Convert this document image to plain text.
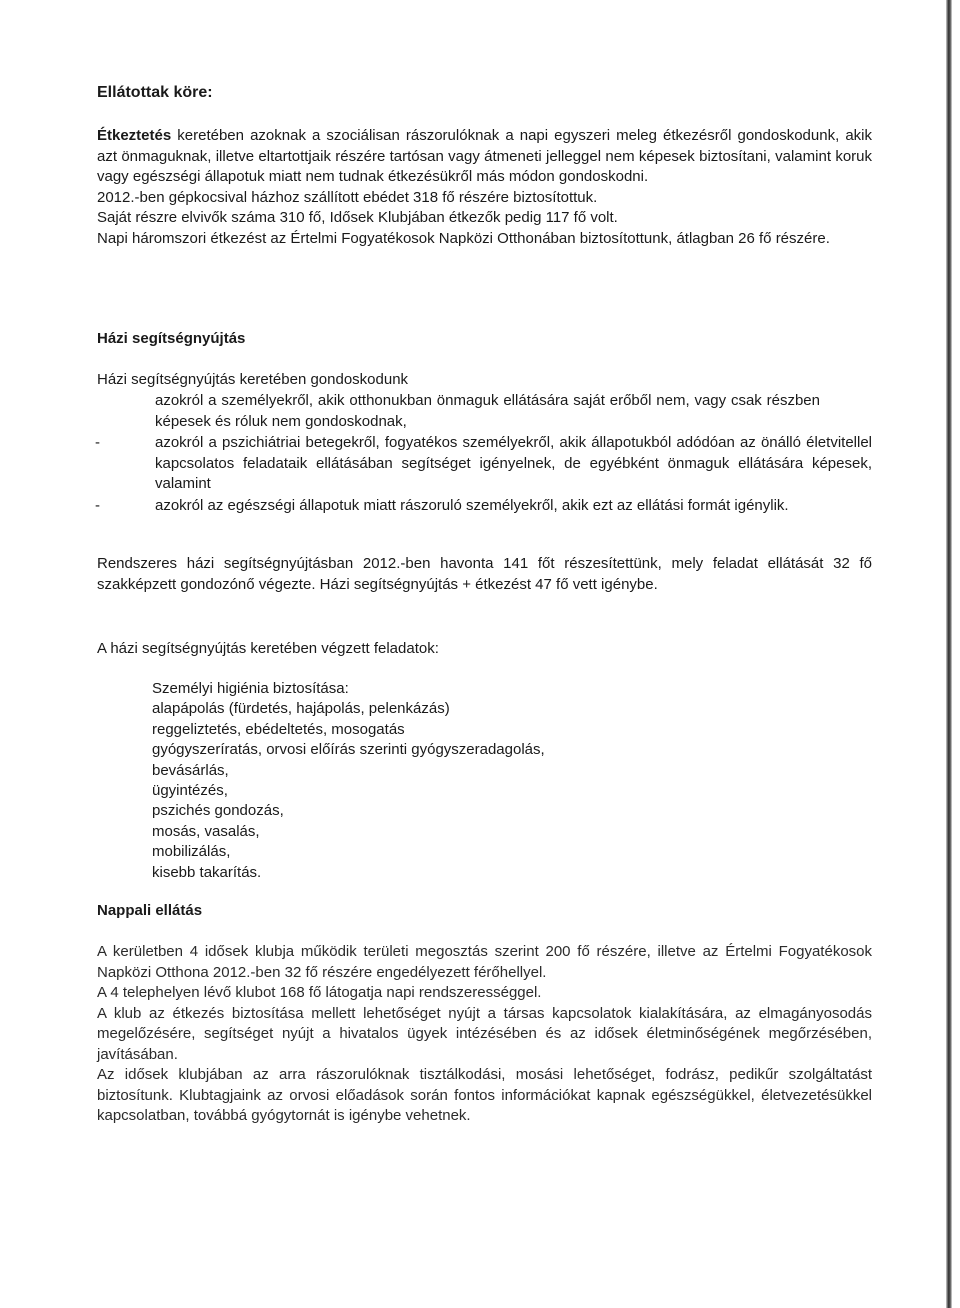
Ellátottak köre:

Étkeztetés keretében azoknak a szociálisan rászorulóknak a napi egyszeri meleg étkezésről gondoskodunk, akik azt önmaguknak, illetve eltartottjaik részére tartósan vagy átmeneti jelleggel nem képesek biztosítani, valamint koruk vagy egészségi állapotuk miatt nem tudnak étkezésükről más módon gondoskodni.

2012.-ben gépkocsival házhoz szállított ebédet 318 fő részére biztosítottuk.

Saját részre elvivők száma 310 fő, Idősek Klubjában étkezők pedig 117 fő volt.

Napi háromszori étkezést az Értelmi Fogyatékosok Napközi Otthonában biztosítottunk, átlagban 26 fő részére.

Házi segítségnyújtás

Házi segítségnyújtás keretében gondoskodunk

azokról a személyekről, akik otthonukban önmaguk ellátására saját erőből nem, vagy csak részben képesek és róluk nem gondoskodnak,

-	azokról a pszichiátriai betegekről, fogyatékos személyekről, akik állapotukból adódóan az önálló életvitellel kapcsolatos feladataik ellátásában segítséget igényelnek, de egyébként önmaguk ellátására képesek, valamint

-	azokról az egészségi állapotuk miatt rászoruló személyekről, akik ezt az ellátási formát igénylik.

Rendszeres házi segítségnyújtásban 2012.-ben havonta 141 főt részesítettünk, mely feladat ellátását 32 fő szakképzett gondozónő végezte. Házi segítségnyújtás + étkezést 47 fő vett igénybe.

A házi segítségnyújtás keretében végzett feladatok:

Személyi higiénia biztosítása:
alapápolás (fürdetés, hajápolás, pelenkázás)
reggeliztetés, ebédeltetés, mosogatás
gyógyszeríratás, orvosi előírás szerinti gyógyszeradagolás,
bevásárlás,
ügyintézés,
pszichés gondozás,
mosás, vasalás,
mobilizálás,
kisebb takarítás.
Nappali ellátás

A kerületben 4 idősek klubja működik területi megosztás szerint 200 fő részére, illetve az Értelmi Fogyatékosok Napközi Otthona 2012.-ben 32 fő részére engedélyezett férőhellyel.

A 4 telephelyen lévő klubot 168 fő látogatja napi rendszerességgel.

A klub az étkezés biztosítása mellett lehetőséget nyújt a társas kapcsolatok kialakítására, az elmagányosodás megelőzésére, segítséget nyújt a hivatalos ügyek intézésében és az idősek életminőségének megőrzésében, javításában.

Az idősek klubjában az arra rászorulóknak tisztálkodási, mosási lehetőséget, fodrász, pedikűr szolgáltatást biztosítunk. Klubtagjaink az orvosi előadások során fontos információkat kapnak egészségükkel, életvezetésükkel kapcsolatban, továbbá gyógytornát is igénybe vehetnek.
